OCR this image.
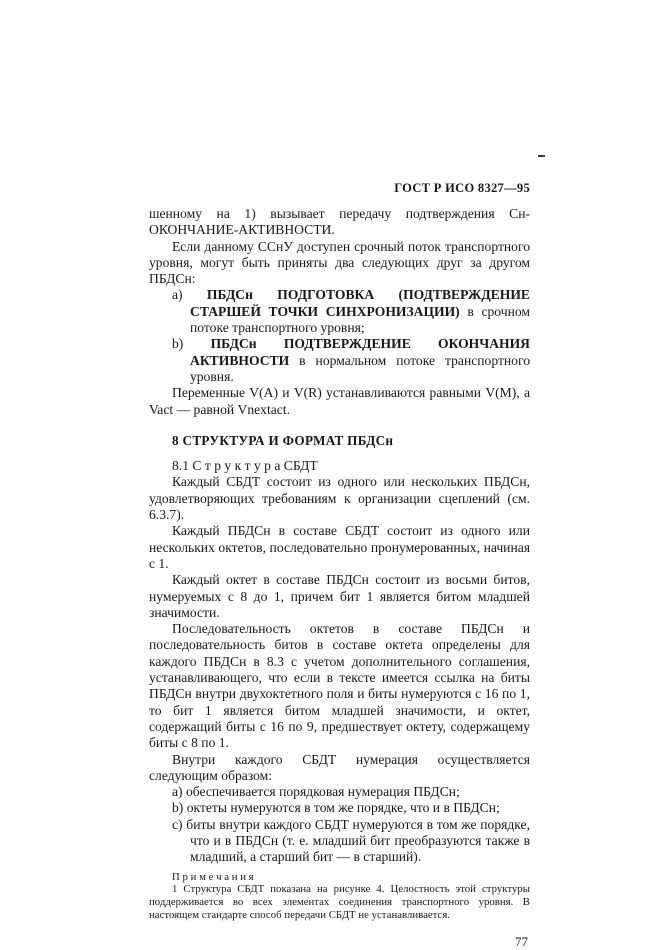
ГОСТ Р ИСО 8327—95

шенному на 1) вызывает передачу подтверждения Сн-ОКОНЧАНИЕ-АКТИВНОСТИ.

Если данному ССнУ доступен срочный поток транспортного уровня, могут быть приняты два следующих друг за другом ПБДСн:

а) ПБДСн ПОДГОТОВКА (ПОДТВЕРЖДЕНИЕ СТАРШЕЙ ТОЧКИ СИНХРОНИЗАЦИИ) в срочном потоке транспортного уровня;

b) ПБДСн ПОДТВЕРЖДЕНИЕ ОКОНЧАНИЯ АКТИВНОСТИ в нормальном потоке транспортного уровня.

Переменные V(A) и V(R) устанавливаются равными V(M), а Vact — равной Vnextact.

8 СТРУКТУРА И ФОРМАТ ПБДСн

8.1 С т р у к т у р а СБДТ

Каждый СБДТ состоит из одного или нескольких ПБДСн, удовлетворяющих требованиям к организации сцеплений (см. 6.3.7).

Каждый ПБДСн в составе СБДТ состоит из одного или нескольких октетов, последовательно пронумерованных, начиная с 1.

Каждый октет в составе ПБДСн состоит из восьми битов, нумеруемых с 8 до 1, причем бит 1 является битом младшей значимости.

Последовательность октетов в составе ПБДСн и последовательность битов в составе октета определены для каждого ПБДСн в 8.3 с учетом дополнительного соглашения, устанавливающего, что если в тексте имеется ссылка на биты ПБДСн внутри двухоктетного поля и биты нумеруются с 16 по 1, то бит 1 является битом младшей значимости, и октет, содержащий биты с 16 по 9, предшествует октету, содержащему биты с 8 по 1.

Внутри каждого СБДТ нумерация осуществляется следующим образом:

а) обеспечивается порядковая нумерация ПБДСн;

b) октеты нумеруются в том же порядке, что и в ПБДСн;

с) биты внутри каждого СБДТ нумеруются в том же порядке, что и в ПБДСн (т. е. младший бит преобразуются также в младший, а старший бит — в старший).

П р и м е ч а н и я

1 Структура СБДТ показана на рисунке 4. Целостность этой структуры поддерживается во всех элементах соединения транспортного уровня. В настоящем стандарте способ передачи СБДТ не устанавливается.

77
